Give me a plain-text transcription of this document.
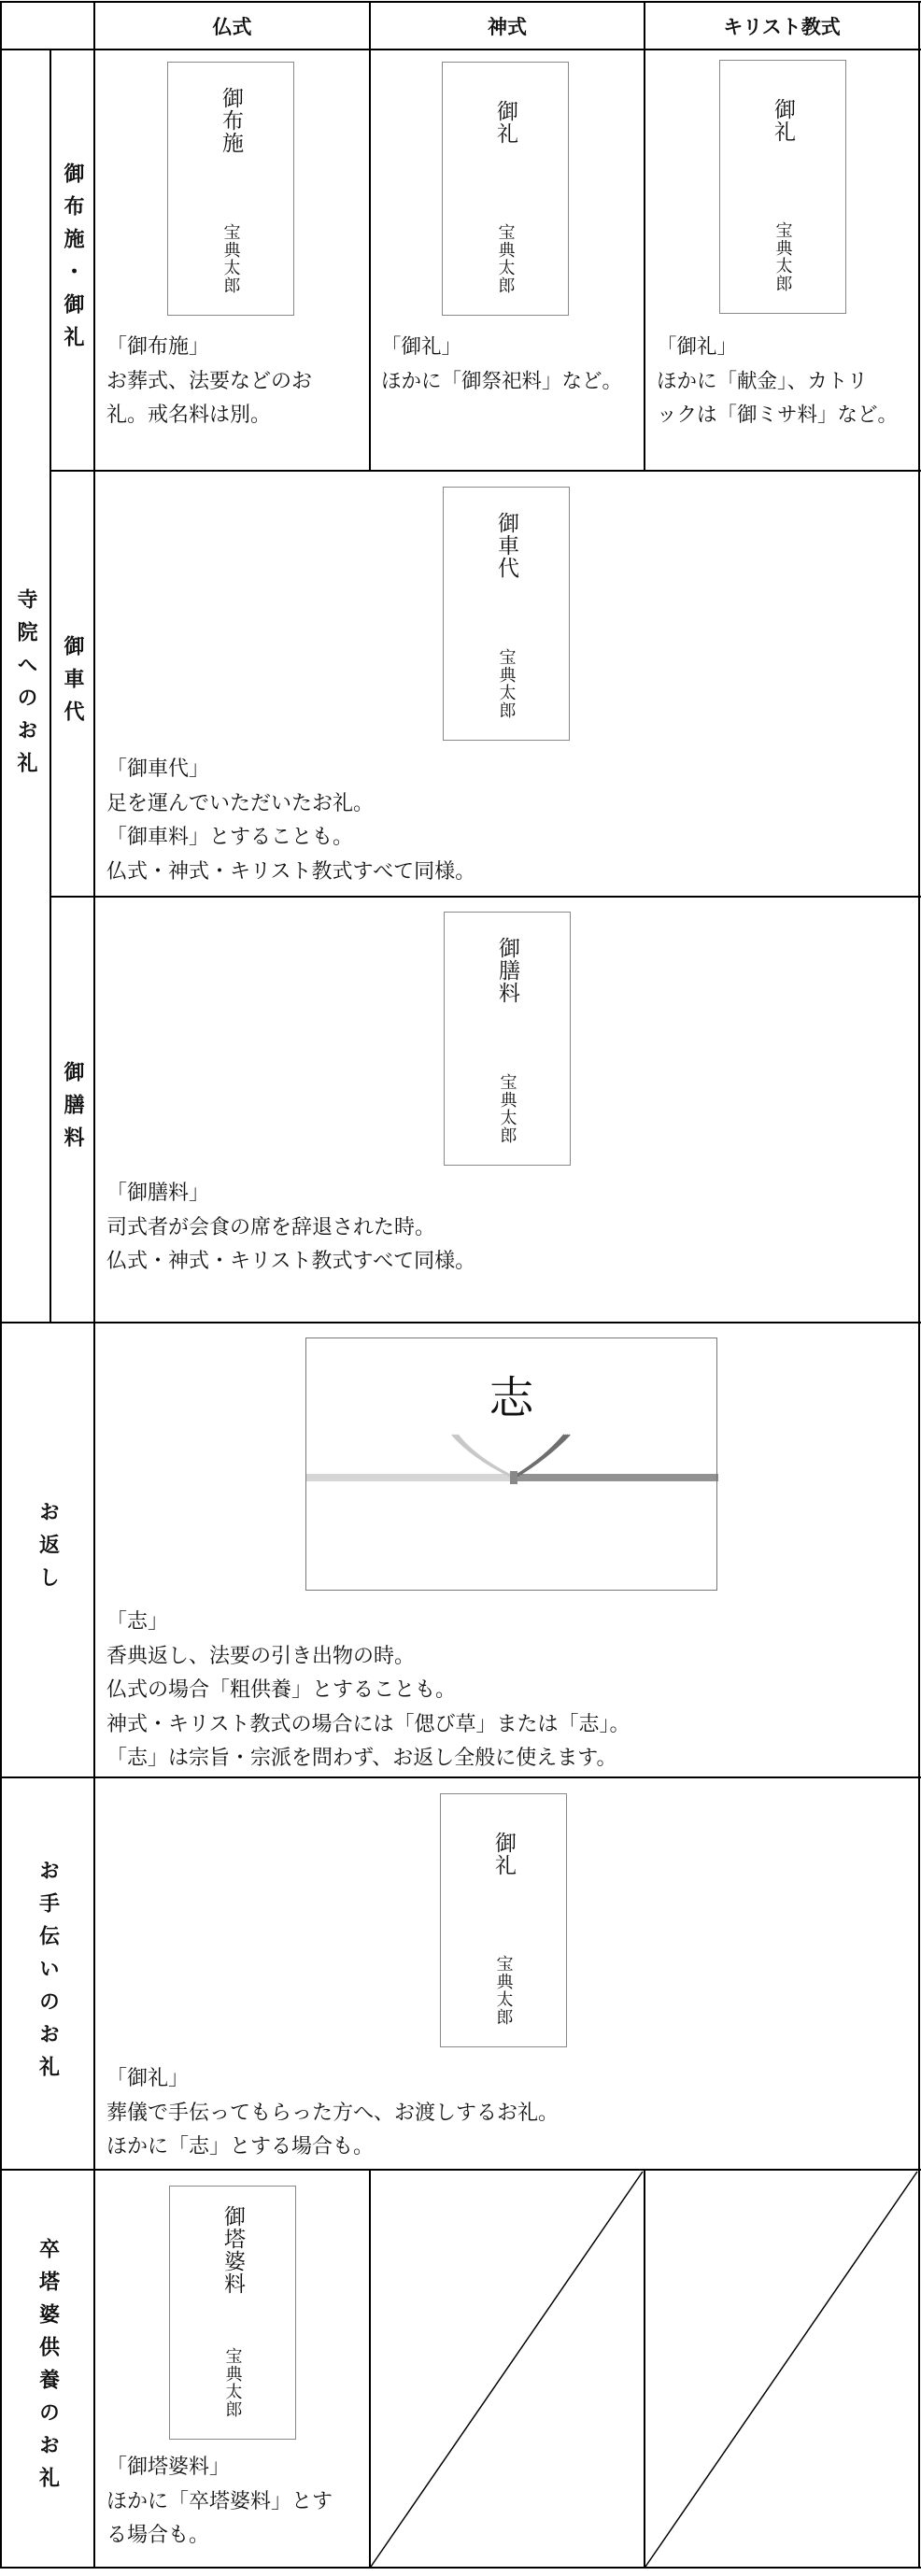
仏式	神式	キリスト教式
寺院へのお礼
御布施・御礼
御車代
御膳料
お返し
お手伝いのお礼
卒塔婆供養のお礼
御布施
宝典太郎
「御布施」
お葬式、法要などのお
礼。戒名料は別。
御礼
宝典太郎
「御礼」
ほかに「御祭祀料」など。
御礼
宝典太郎
「御礼」
ほかに「献金」、カトリ
ックは「御ミサ料」など。
御車代
宝典太郎
「御車代」
足を運んでいただいたお礼。
「御車料」とすることも。
仏式・神式・キリスト教式すべて同様。
御膳料
宝典太郎
「御膳料」
司式者が会食の席を辞退された時。
仏式・神式・キリスト教式すべて同様。
志
「志」
香典返し、法要の引き出物の時。
仏式の場合「粗供養」とすることも。
神式・キリスト教式の場合には「偲び草」または「志」。
「志」は宗旨・宗派を問わず、お返し全般に使えます。
御礼
宝典太郎
「御礼」
葬儀で手伝ってもらった方へ、お渡しするお礼。
ほかに「志」とする場合も。
御塔婆料
宝典太郎
「御塔婆料」
ほかに「卒塔婆料」とす
る場合も。
